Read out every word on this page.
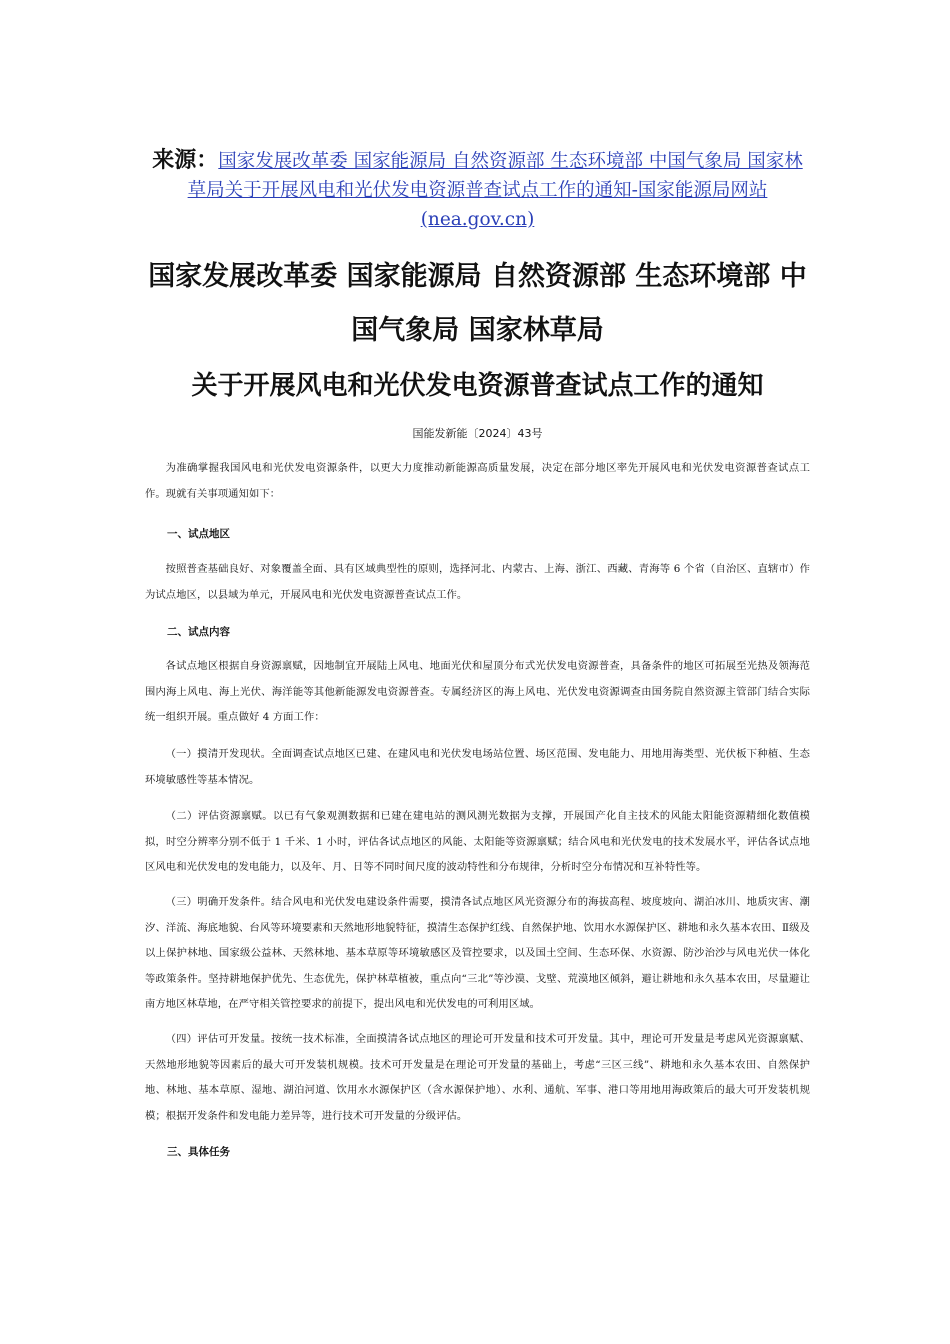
来源：国家发展改革委 国家能源局 自然资源部 生态环境部 中国气象局 国家林草局关于开展风电和光伏发电资源普查试点工作的通知-国家能源局网站(nea.gov.cn)
国家发展改革委 国家能源局 自然资源部 生态环境部 中
国气象局 国家林草局
关于开展风电和光伏发电资源普查试点工作的通知
国能发新能〔2024〕43号

为准确掌握我国风电和光伏发电资源条件，以更大力度推动新能源高质量发展，决定在部分地区率先开展风电和光伏发电资源普查试点工作。现就有关事项通知如下：

一、试点地区

按照普查基础良好、对象覆盖全面、具有区域典型性的原则，选择河北、内蒙古、上海、浙江、西藏、青海等 6 个省（自治区、直辖市）作为试点地区，以县域为单元，开展风电和光伏发电资源普查试点工作。

二、试点内容

各试点地区根据自身资源禀赋，因地制宜开展陆上风电、地面光伏和屋顶分布式光伏发电资源普查，具备条件的地区可拓展至光热及领海范围内海上风电、海上光伏、海洋能等其他新能源发电资源普查。专属经济区的海上风电、光伏发电资源调查由国务院自然资源主管部门结合实际统一组织开展。重点做好 4 方面工作：

（一）摸清开发现状。全面调查试点地区已建、在建风电和光伏发电场站位置、场区范围、发电能力、用地用海类型、光伏板下种植、生态环境敏感性等基本情况。

（二）评估资源禀赋。以已有气象观测数据和已建在建电站的测风测光数据为支撑，开展国产化自主技术的风能太阳能资源精细化数值模拟，时空分辨率分别不低于 1 千米、1 小时，评估各试点地区的风能、太阳能等资源禀赋；结合风电和光伏发电的技术发展水平，评估各试点地区风电和光伏发电的发电能力，以及年、月、日等不同时间尺度的波动特性和分布规律，分析时空分布情况和互补特性等。

（三）明确开发条件。结合风电和光伏发电建设条件需要，摸清各试点地区风光资源分布的海拔高程、坡度坡向、湖泊冰川、地质灾害、潮汐、洋流、海底地貌、台风等环境要素和天然地形地貌特征，摸清生态保护红线、自然保护地、饮用水水源保护区、耕地和永久基本农田、Ⅱ级及以上保护林地、国家级公益林、天然林地、基本草原等环境敏感区及管控要求，以及国土空间、生态环保、水资源、防沙治沙与风电光伏一体化等政策条件。坚持耕地保护优先、生态优先，保护林草植被，重点向“三北”等沙漠、戈壁、荒漠地区倾斜，避让耕地和永久基本农田，尽量避让南方地区林草地，在严守相关管控要求的前提下，提出风电和光伏发电的可利用区域。

（四）评估可开发量。按统一技术标准，全面摸清各试点地区的理论可开发量和技术可开发量。其中，理论可开发量是考虑风光资源禀赋、天然地形地貌等因素后的最大可开发装机规模。技术可开发量是在理论可开发量的基础上，考虑“三区三线”、耕地和永久基本农田、自然保护地、林地、基本草原、湿地、湖泊河道、饮用水水源保护区（含水源保护地）、水利、通航、军事、港口等用地用海政策后的最大可开发装机规模；根据开发条件和发电能力差异等，进行技术可开发量的分级评估。

三、具体任务
